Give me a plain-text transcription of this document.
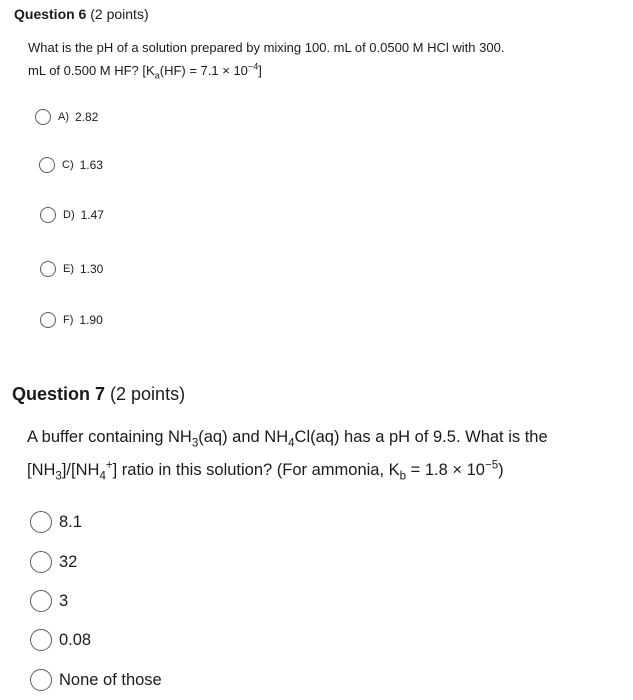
Question 6 (2 points)
What is the pH of a solution prepared by mixing 100. mL of 0.0500 M HCl with 300.
mL of 0.500 M HF? $[K_a(HF) = 7.1 \times 10^{-4}]$
A) 2.82
C) 1.63
D) 1.47
E) 1.30
F) 1.90
Question 7 (2 points)
A buffer containing $NH_3(aq)$ and $NH_4Cl(aq)$ has a pH of 9.5. What is the
$[NH_3]/[NH_4^+]$ ratio in this solution? (For ammonia, $K_b = 1.8 \times 10^{-5}$)
8.1
32
3
0.08
None of those
